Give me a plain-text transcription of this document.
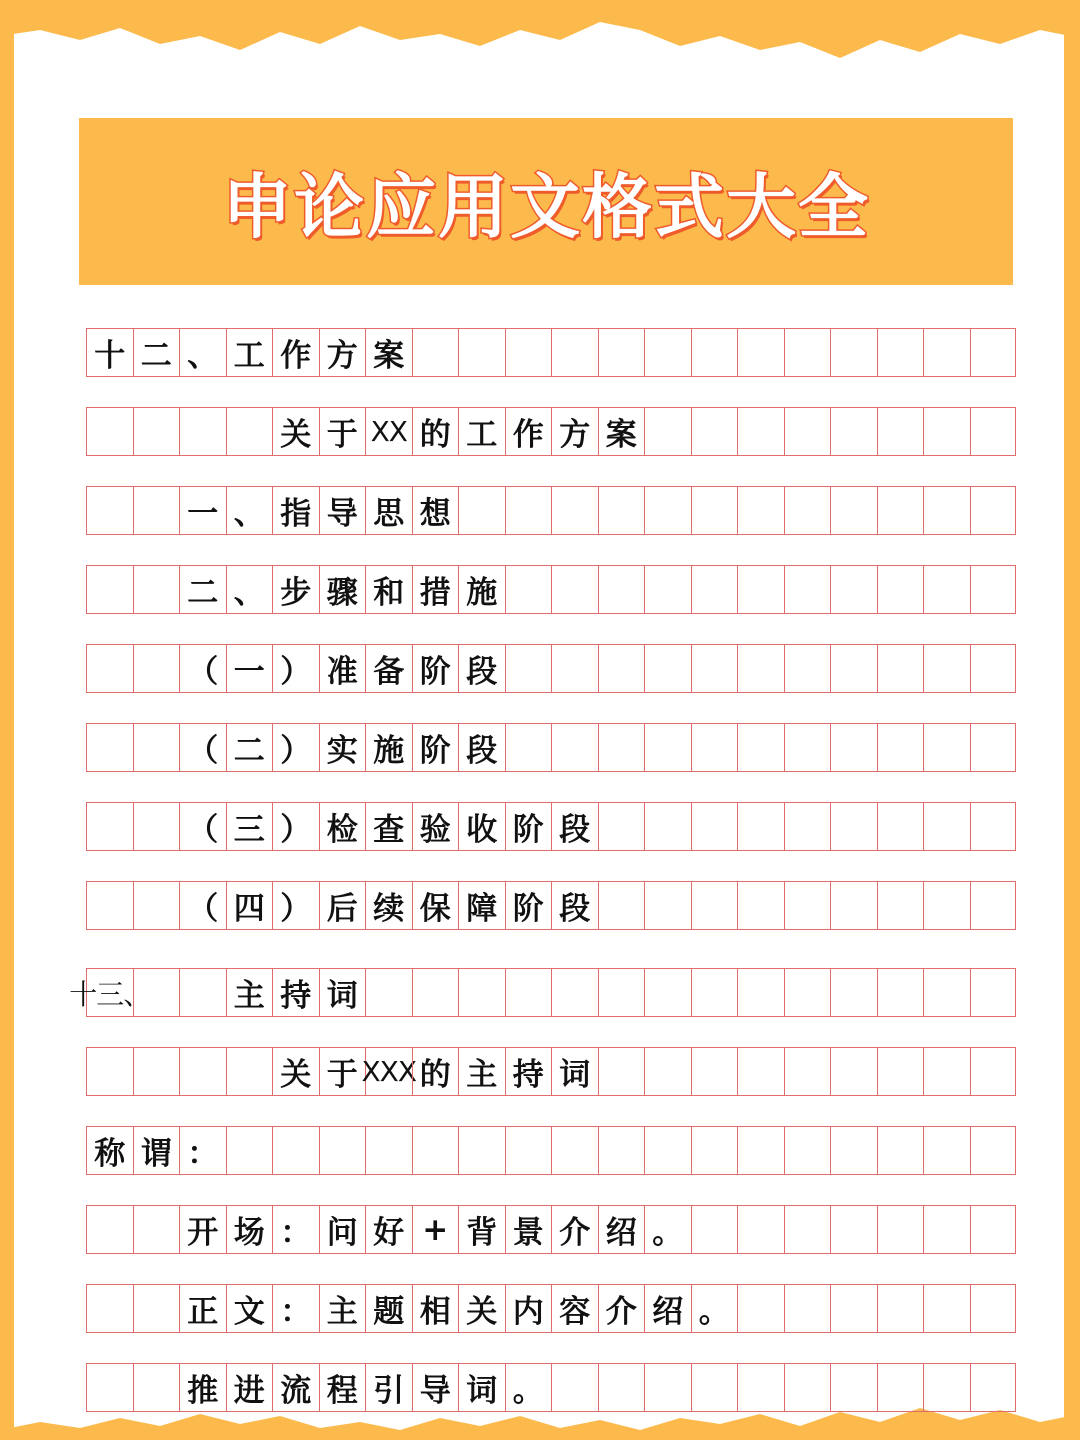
申论应用文格式大全
十 二 、 工 作 方 案
关 于 XX 的 工 作 方 案
一 、 指 导 思 想
二 、 步 骤 和 措 施
（ 一 ） 准 备 阶 段
（ 二 ） 实 施 阶 段
（ 三 ） 检 查 验 收 阶 段
（ 四 ） 后 续 保 障 阶 段
十三、	主 持 词
关 于 XXX 的 主 持 词
称 谓 ：
开 场 ： 问 好 + 背 景 介 绍 。
正 文 ： 主 题 相 关 内 容 介 绍 。
推 进 流 程 引 导 词 。
